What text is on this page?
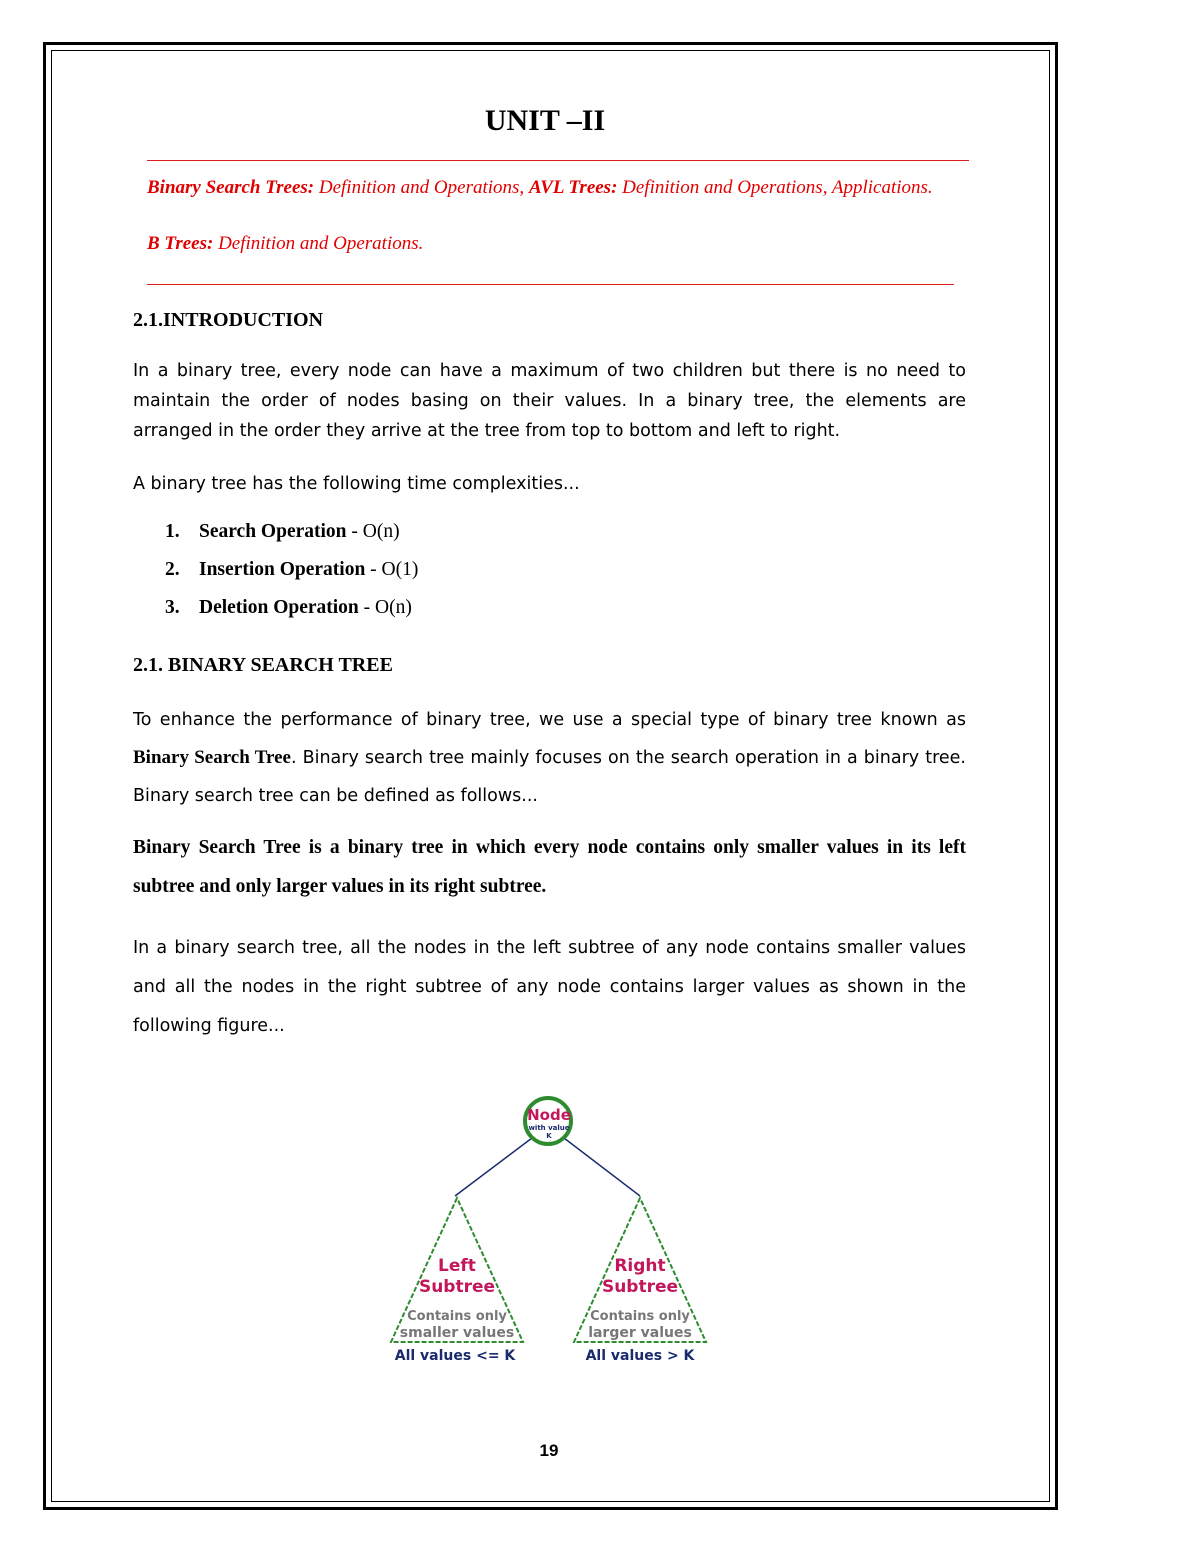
UNIT –II
Binary Search Trees: Definition and Operations, AVL Trees: Definition and Operations, Applications.
B Trees: Definition and Operations.
2.1.INTRODUCTION
In a binary tree, every node can have a maximum of two children but there is no need to maintain the order of nodes basing on their values. In a binary tree, the elements are arranged in the order they arrive at the tree from top to bottom and left to right.
A binary tree has the following time complexities...
1. Search Operation - O(n)
2. Insertion Operation - O(1)
3. Deletion Operation - O(n)
2.1. BINARY SEARCH TREE
To enhance the performance of binary tree, we use a special type of binary tree known as Binary Search Tree. Binary search tree mainly focuses on the search operation in a binary tree. Binary search tree can be defined as follows...
Binary Search Tree is a binary tree in which every node contains only smaller values in its left subtree and only larger values in its right subtree.
In a binary search tree, all the nodes in the left subtree of any node contains smaller values and all the nodes in the right subtree of any node contains larger values as shown in the following figure...
Node
with value
K
Left
Subtree
Contains only
smaller values
All values <= K
Right
Subtree
Contains only
larger values
All values > K
19
